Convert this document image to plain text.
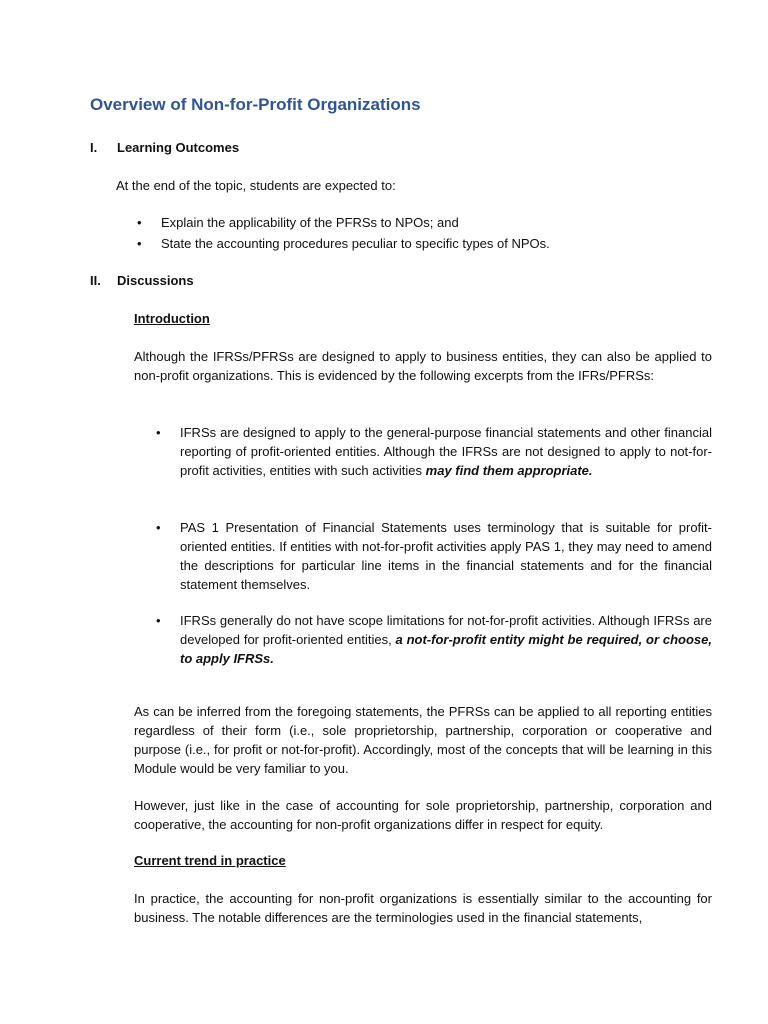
Overview of Non-for-Profit Organizations
I. Learning Outcomes

At the end of the topic, students are expected to:

• Explain the applicability of the PFRSs to NPOs; and
• State the accounting procedures peculiar to specific types of NPOs.
II. Discussions
Introduction

Although the IFRSs/PFRSs are designed to apply to business entities, they can also be applied to non-profit organizations. This is evidenced by the following excerpts from the IFRs/PFRSs:

• IFRSs are designed to apply to the general-purpose financial statements and other financial reporting of profit-oriented entities. Although the IFRSs are not designed to apply to not-for-profit activities, entities with such activities may find them appropriate.
• PAS 1 Presentation of Financial Statements uses terminology that is suitable for profit-oriented entities. If entities with not-for-profit activities apply PAS 1, they may need to amend the descriptions for particular line items in the financial statements and for the financial statement themselves.
• IFRSs generally do not have scope limitations for not-for-profit activities. Although IFRSs are developed for profit-oriented entities, a not-for-profit entity might be required, or choose, to apply IFRSs.

As can be inferred from the foregoing statements, the PFRSs can be applied to all reporting entities regardless of their form (i.e., sole proprietorship, partnership, corporation or cooperative and purpose (i.e., for profit or not-for-profit). Accordingly, most of the concepts that will be learning in this Module would be very familiar to you.

However, just like in the case of accounting for sole proprietorship, partnership, corporation and cooperative, the accounting for non-profit organizations differ in respect for equity.

Current trend in practice

In practice, the accounting for non-profit organizations is essentially similar to the accounting for business. The notable differences are the terminologies used in the financial statements,
